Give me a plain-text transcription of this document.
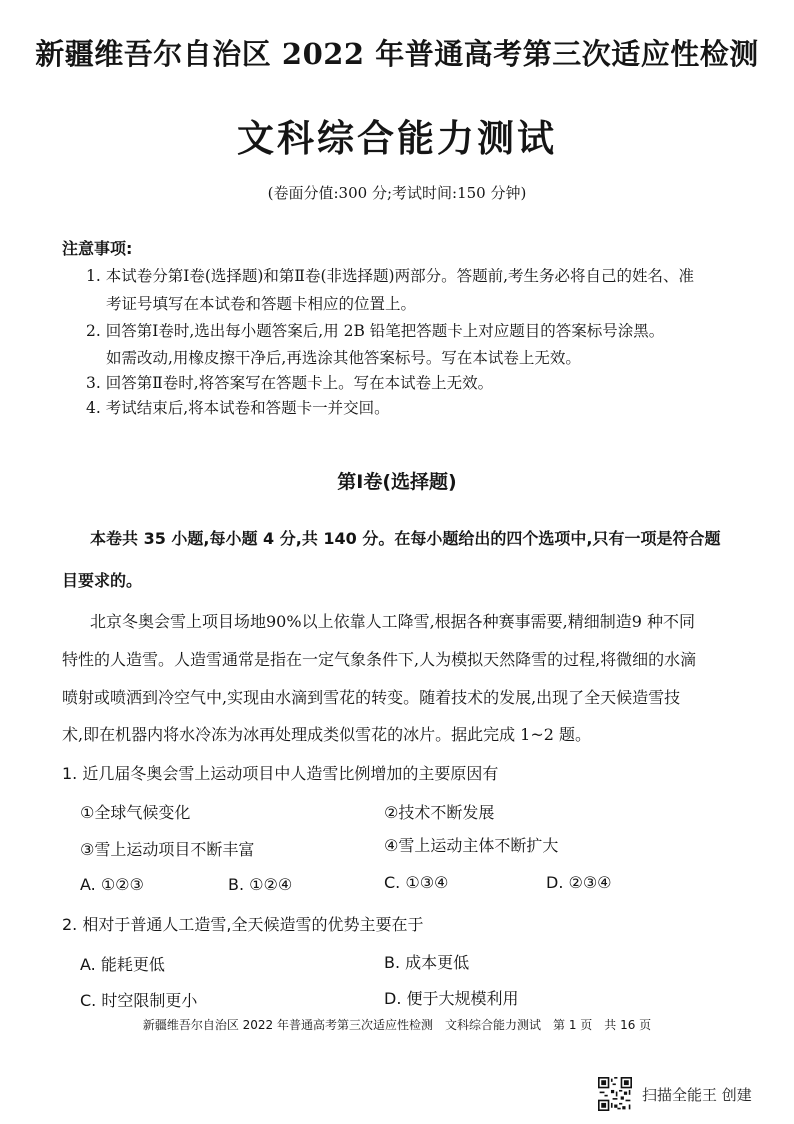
新疆维吾尔自治区 2022 年普通高考第三次适应性检测
文科综合能力测试
(卷面分值:300 分;考试时间:150 分钟)
注意事项:
1. 本试卷分第Ⅰ卷(选择题)和第Ⅱ卷(非选择题)两部分。答题前,考生务必将自己的姓名、准
考证号填写在本试卷和答题卡相应的位置上。
2. 回答第Ⅰ卷时,选出每小题答案后,用 2B 铅笔把答题卡上对应题目的答案标号涂黑。
如需改动,用橡皮擦干净后,再选涂其他答案标号。写在本试卷上无效。
3. 回答第Ⅱ卷时,将答案写在答题卡上。写在本试卷上无效。
4. 考试结束后,将本试卷和答题卡一并交回。
第Ⅰ卷(选择题)
本卷共 35 小题,每小题 4 分,共 140 分。在每小题给出的四个选项中,只有一项是符合题
目要求的。
北京冬奥会雪上项目场地90%以上依靠人工降雪,根据各种赛事需要,精细制造9 种不同
特性的人造雪。人造雪通常是指在一定气象条件下,人为模拟天然降雪的过程,将微细的水滴
喷射或喷洒到冷空气中,实现由水滴到雪花的转变。随着技术的发展,出现了全天候造雪技
术,即在机器内将水冷冻为冰再处理成类似雪花的冰片。据此完成 1~2 题。
1. 近几届冬奥会雪上运动项目中人造雪比例增加的主要原因有
①全球气候变化	②技术不断发展
③雪上运动项目不断丰富	④雪上运动主体不断扩大
A. ①②③	B. ①②④	C. ①③④	D. ②③④
2. 相对于普通人工造雪,全天候造雪的优势主要在于
A. 能耗更低	B. 成本更低
C. 时空限制更小	D. 便于大规模利用
新疆维吾尔自治区 2022 年普通高考第三次适应性检测　文科综合能力测试　第 1 页　共 16 页
扫描全能王 创建
